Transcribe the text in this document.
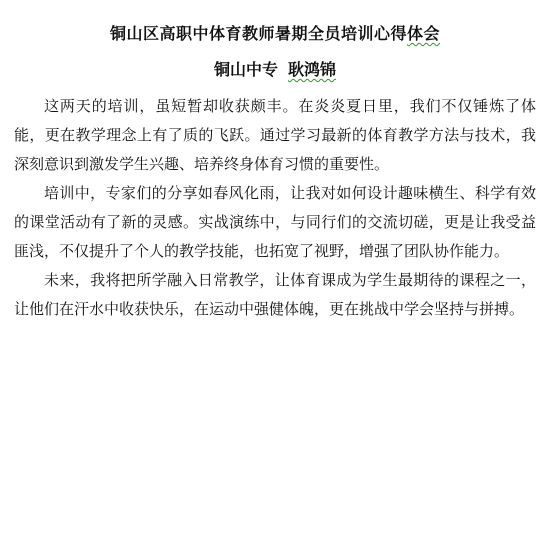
铜山区高职中体育教师暑期全员培训心得体会
铜山中专 耿鸿锦

这两天的培训，虽短暂却收获颇丰。在炎炎夏日里，我们不仅锤炼了体能，更在教学理念上有了质的飞跃。通过学习最新的体育教学方法与技术，我深刻意识到激发学生兴趣、培养终身体育习惯的重要性。

培训中，专家们的分享如春风化雨，让我对如何设计趣味横生、科学有效的课堂活动有了新的灵感。实战演练中，与同行们的交流切磋，更是让我受益匪浅，不仅提升了个人的教学技能，也拓宽了视野，增强了团队协作能力。

未来，我将把所学融入日常教学，让体育课成为学生最期待的课程之一，让他们在汗水中收获快乐，在运动中强健体魄，更在挑战中学会坚持与拼搏。
